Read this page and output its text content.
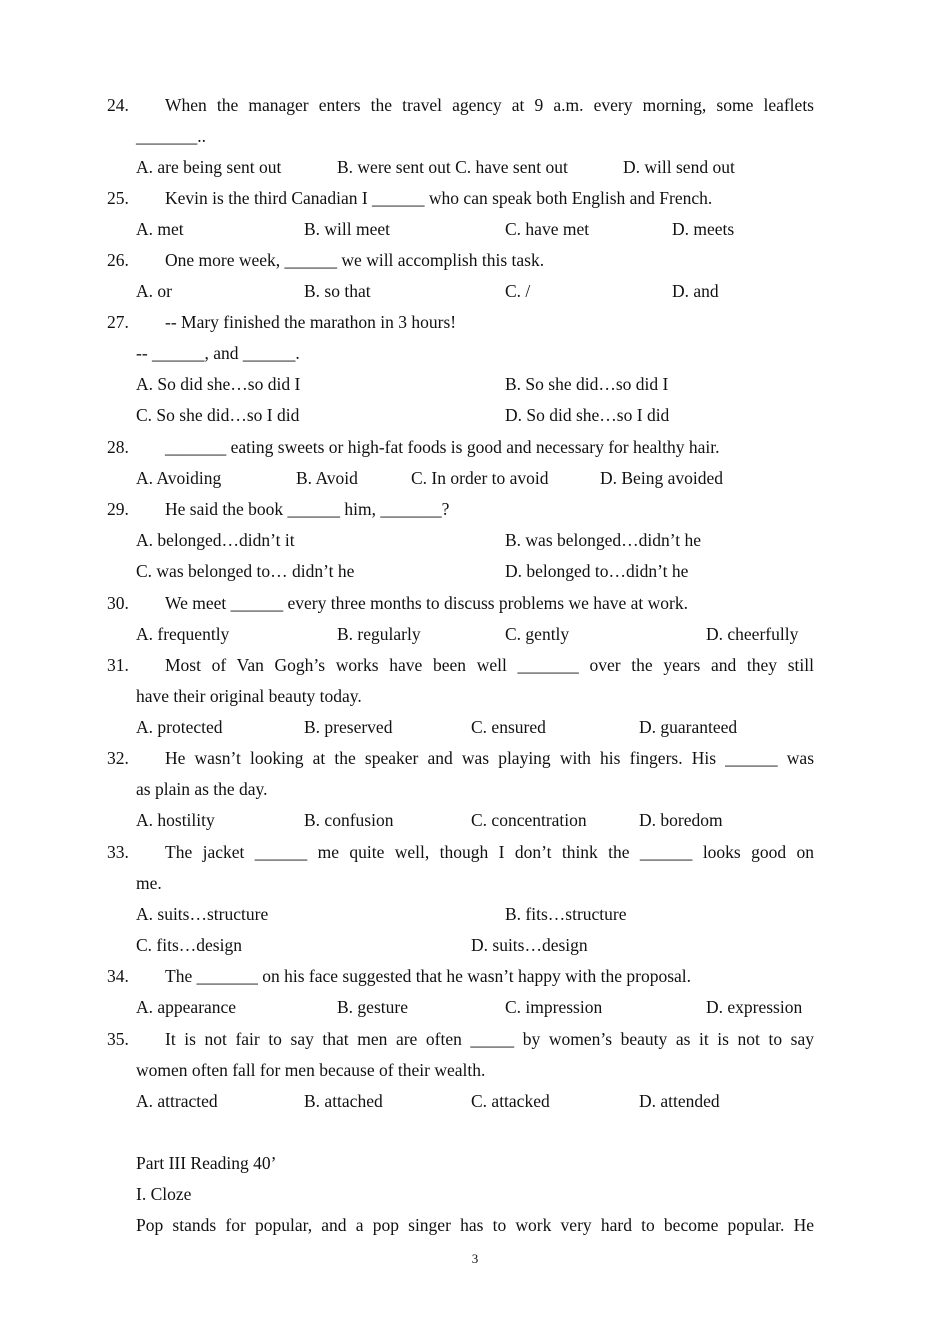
24. When the manager enters the travel agency at 9 a.m. every morning, some leaflets
_______..
A. are being sent out	B. were sent out C. have sent out	D. will send out
25. Kevin is the third Canadian I ______ who can speak both English and French.
A. met	B. will meet	C. have met	D. meets
26. One more week, ______ we will accomplish this task.
A. or	B. so that	C. /	D. and
27. -- Mary finished the marathon in 3 hours!
-- ______, and ______.
A. So did she…so did I	B. So she did…so did I
C. So she did…so I did	D. So did she…so I did
28. _______ eating sweets or high-fat foods is good and necessary for healthy hair.
A. Avoiding	B. Avoid	C. In order to avoid	D. Being avoided
29. He said the book ______ him, _______?
A. belonged…didn’t it	B. was belonged…didn’t he
C. was belonged to… didn’t he	D. belonged to…didn’t he
30. We meet ______ every three months to discuss problems we have at work.
A. frequently	B. regularly	C. gently	D. cheerfully
31. Most of Van Gogh’s works have been well _______ over the years and they still
have their original beauty today.
A. protected	B. preserved	C. ensured	D. guaranteed
32. He wasn’t looking at the speaker and was playing with his fingers. His ______ was
as plain as the day.
A. hostility	B. confusion	C. concentration	D. boredom
33. The jacket ______ me quite well, though I don’t think the ______ looks good on
me.
A. suits…structure	B. fits…structure
C. fits…design	D. suits…design
34. The _______ on his face suggested that he wasn’t happy with the proposal.
A. appearance	B. gesture	C. impression	D. expression
35. It is not fair to say that men are often _____ by women’s beauty as it is not to say
women often fall for men because of their wealth.
A. attracted	B. attached	C. attacked	D. attended
Part III Reading 40’
I. Cloze
Pop stands for popular, and a pop singer has to work very hard to become popular. He
3
